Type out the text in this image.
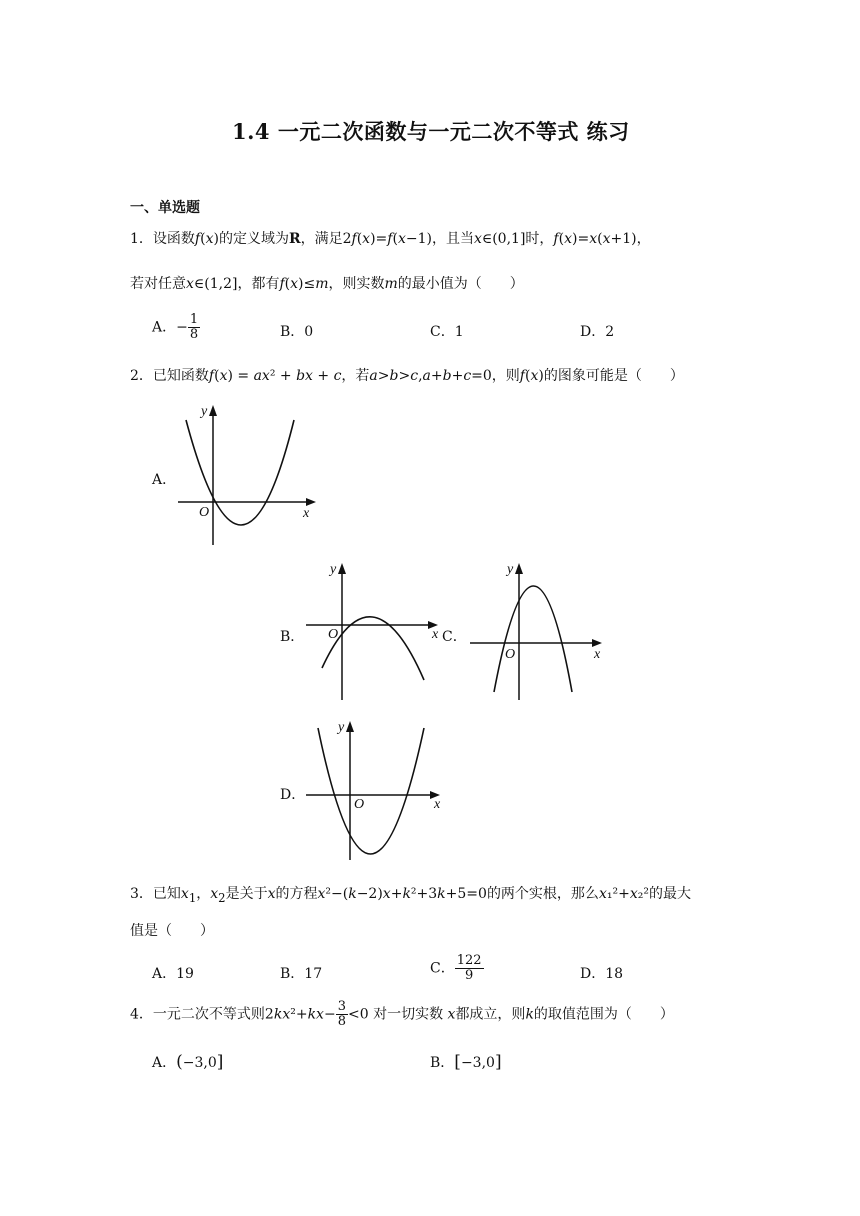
1.4 一元二次函数与一元二次不等式 练习
一、单选题
1．设函数f(x)的定义域为R，满足2f(x)=f(x−1)，且当x∈(0,1]时，f(x)=x(x+1)，
若对任意x∈(1,2]，都有f(x)≤m，则实数m的最小值为（　　）
A．− $\frac{1}{8}$	B．0	C．1	D．2
2．已知函数f(x) = ax² + bx + c，若a>b>c,a+b+c=0，则f(x)的图象可能是（　　）
A．
x
y
O
B．	x
y
O	C．
x
y
O
D．
x
y
O
3．已知$x_1$，$x_2$是关于x的方程x²−(k−2)x+k²+3k+5=0的两个实根，那么x₁²+x₂²的最大
值是（　　）
A．19	B．17	C． $\frac{122}{9}$	D．18
4．一元二次不等式则$2kx^2+kx- \frac{3}{8} <0$ 对一切实数 x都成立，则k的取值范围为（　　）
A．(−3,0]	B．[−3,0]
